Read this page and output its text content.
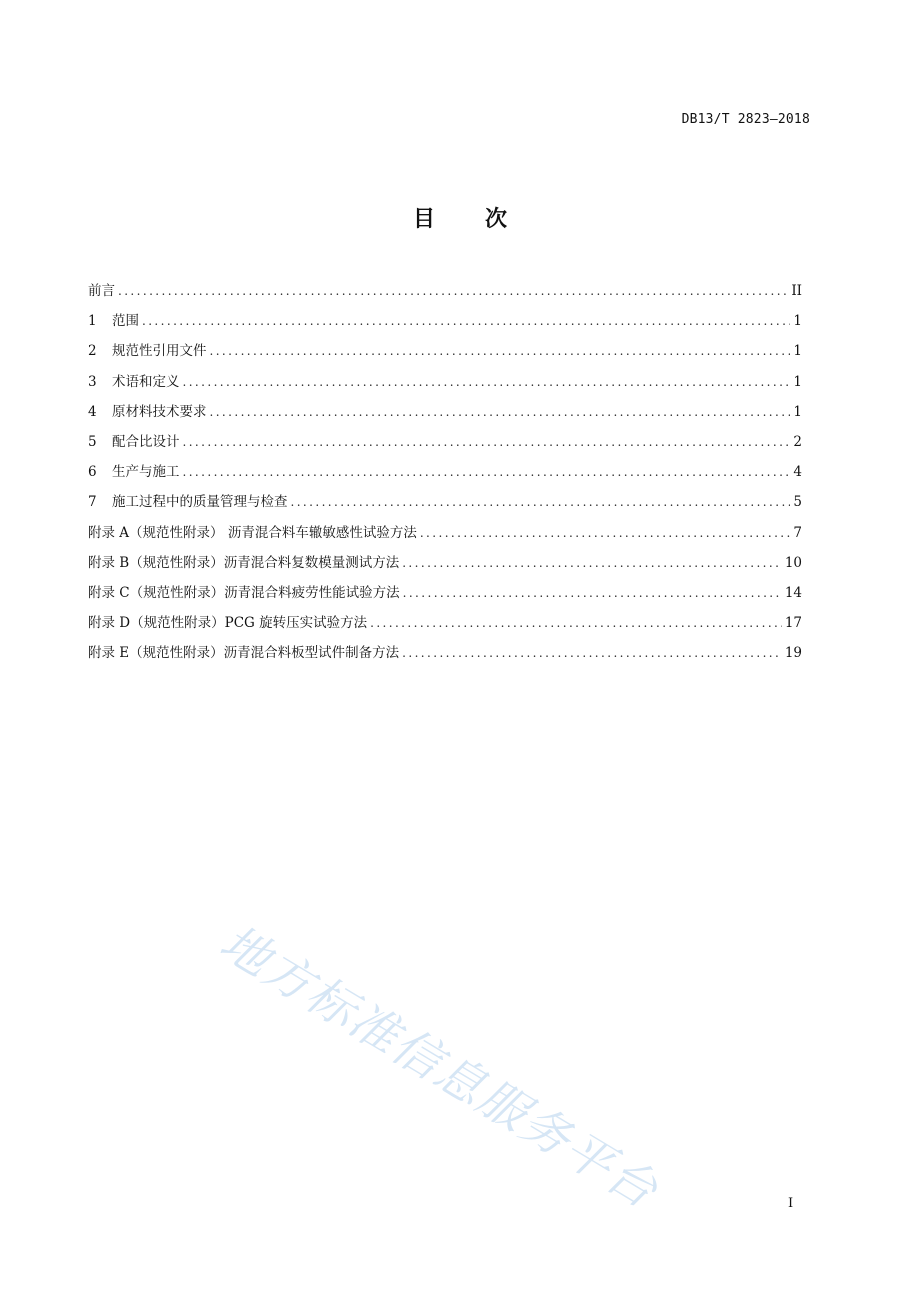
DB13/T 2823—2018
目 次
前言 .....	II
1	范围 .....	1
2	规范性引用文件 .....	1
3	术语和定义 .....	1
4	原材料技术要求 .....	1
5	配合比设计 .....	2
6	生产与施工 .....	4
7	施工过程中的质量管理与检查 .....	5
附录 A（规范性附录） 沥青混合料车辙敏感性试验方法 .....	7
附录 B（规范性附录）沥青混合料复数模量测试方法 .....	10
附录 C（规范性附录）沥青混合料疲劳性能试验方法 .....	14
附录 D（规范性附录）PCG 旋转压实试验方法 .....	17
附录 E（规范性附录）沥青混合料板型试件制备方法 .....	19
地方标准信息服务平台	I
